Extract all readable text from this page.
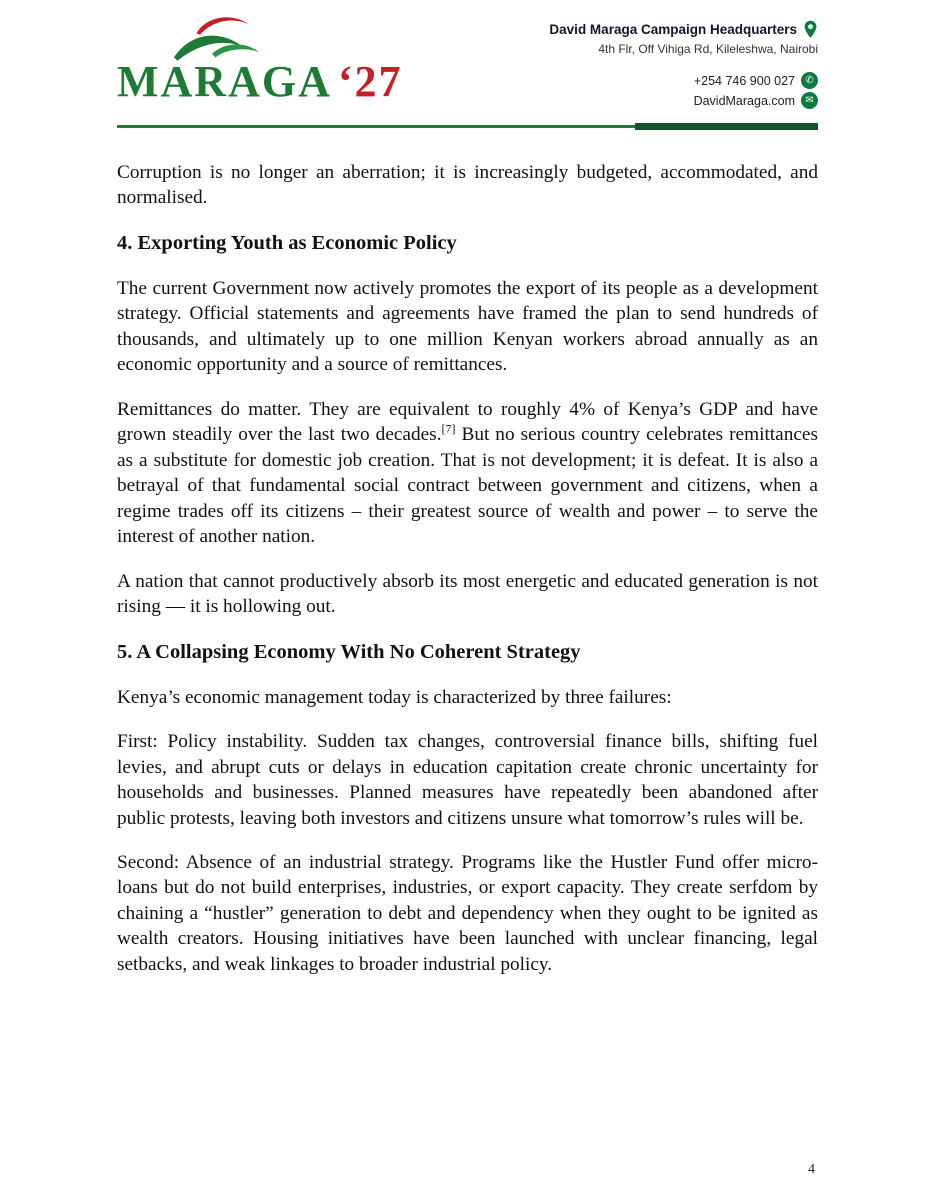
MARAGA ‘27
David Maraga Campaign Headquarters
4th Flr, Off Vihiga Rd, Kileleshwa, Nairobi
+254 746 900 027	✆
DavidMaraga.com	✉

Corruption is no longer an aberration; it is increasingly budgeted, accommodated, and normalised.

4. Exporting Youth as Economic Policy

The current Government now actively promotes the export of its people as a development strategy. Official statements and agreements have framed the plan to send hundreds of thousands, and ultimately up to one million Kenyan workers abroad annually as an economic opportunity and a source of remittances.

Remittances do matter. They are equivalent to roughly 4% of Kenya’s GDP and have grown steadily over the last two decades.[7] But no serious country celebrates remittances as a substitute for domestic job creation. That is not development; it is defeat. It is also a betrayal of that fundamental social contract between government and citizens, when a regime trades off its citizens – their greatest source of wealth and power – to serve the interest of another nation.

A nation that cannot productively absorb its most energetic and educated generation is not rising — it is hollowing out.

5. A Collapsing Economy With No Coherent Strategy

Kenya’s economic management today is characterized by three failures:

First: Policy instability. Sudden tax changes, controversial finance bills, shifting fuel levies, and abrupt cuts or delays in education capitation create chronic uncertainty for households and businesses. Planned measures have repeatedly been abandoned after public protests, leaving both investors and citizens unsure what tomorrow’s rules will be.

Second: Absence of an industrial strategy. Programs like the Hustler Fund offer micro-loans but do not build enterprises, industries, or export capacity. They create serfdom by chaining a “hustler” generation to debt and dependency when they ought to be ignited as wealth creators. Housing initiatives have been launched with unclear financing, legal setbacks, and weak linkages to broader industrial policy.

4
